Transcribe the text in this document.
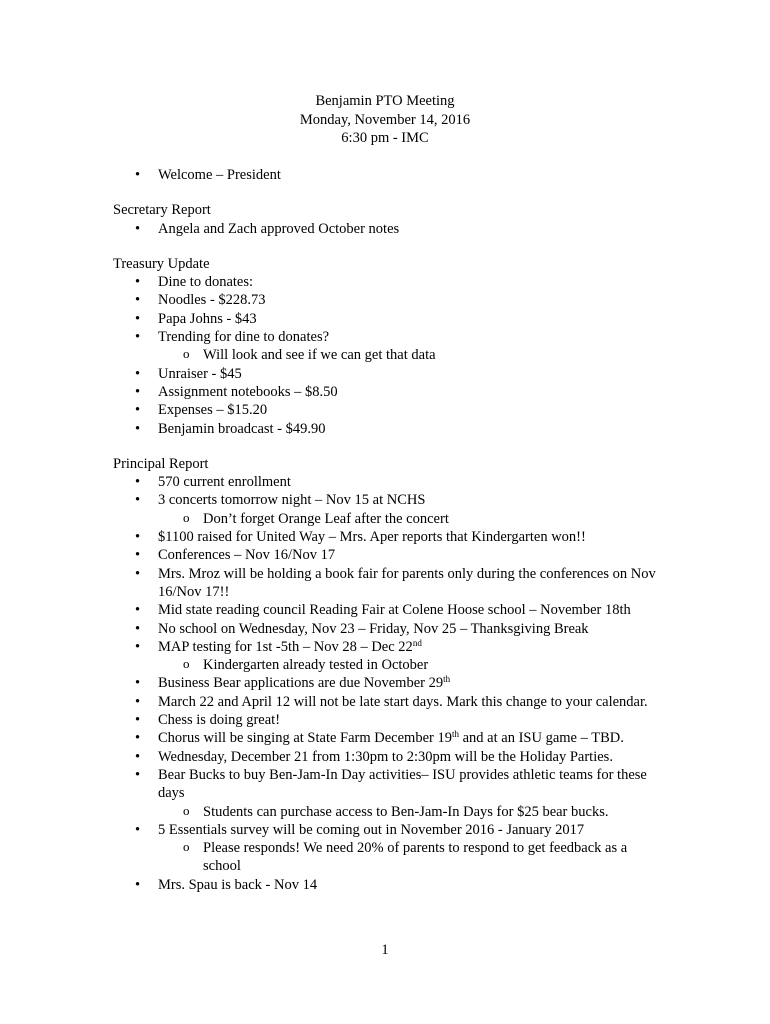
Benjamin PTO Meeting
Monday, November 14, 2016
6:30 pm - IMC
• Welcome – President
Secretary Report
• Angela and Zach approved October notes
Treasury Update
• Dine to donates:
• Noodles - $228.73
• Papa Johns - $43
• Trending for dine to donates?
o Will look and see if we can get that data
• Unraiser - $45
• Assignment notebooks – $8.50
• Expenses – $15.20
• Benjamin broadcast - $49.90
Principal Report
• 570 current enrollment
• 3 concerts tomorrow night – Nov 15 at NCHS
o Don’t forget Orange Leaf after the concert
• $1100 raised for United Way – Mrs. Aper reports that Kindergarten won!!
• Conferences – Nov 16/Nov 17
• Mrs. Mroz will be holding a book fair for parents only during the conferences on Nov 16/Nov 17!!
• Mid state reading council Reading Fair at Colene Hoose school – November 18th
• No school on Wednesday, Nov 23 – Friday, Nov 25 – Thanksgiving Break
• MAP testing for 1st -5th – Nov 28 – Dec 22nd
o Kindergarten already tested in October
• Business Bear applications are due November 29th
• March 22 and April 12 will not be late start days. Mark this change to your calendar.
• Chess is doing great!
• Chorus will be singing at State Farm December 19th and at an ISU game – TBD.
• Wednesday, December 21 from 1:30pm to 2:30pm will be the Holiday Parties.
• Bear Bucks to buy Ben-Jam-In Day activities– ISU provides athletic teams for these days
o Students can purchase access to Ben-Jam-In Days for $25 bear bucks.
• 5 Essentials survey will be coming out in November 2016 - January 2017
o Please responds! We need 20% of parents to respond to get feedback as a school
• Mrs. Spau is back - Nov 14
1
